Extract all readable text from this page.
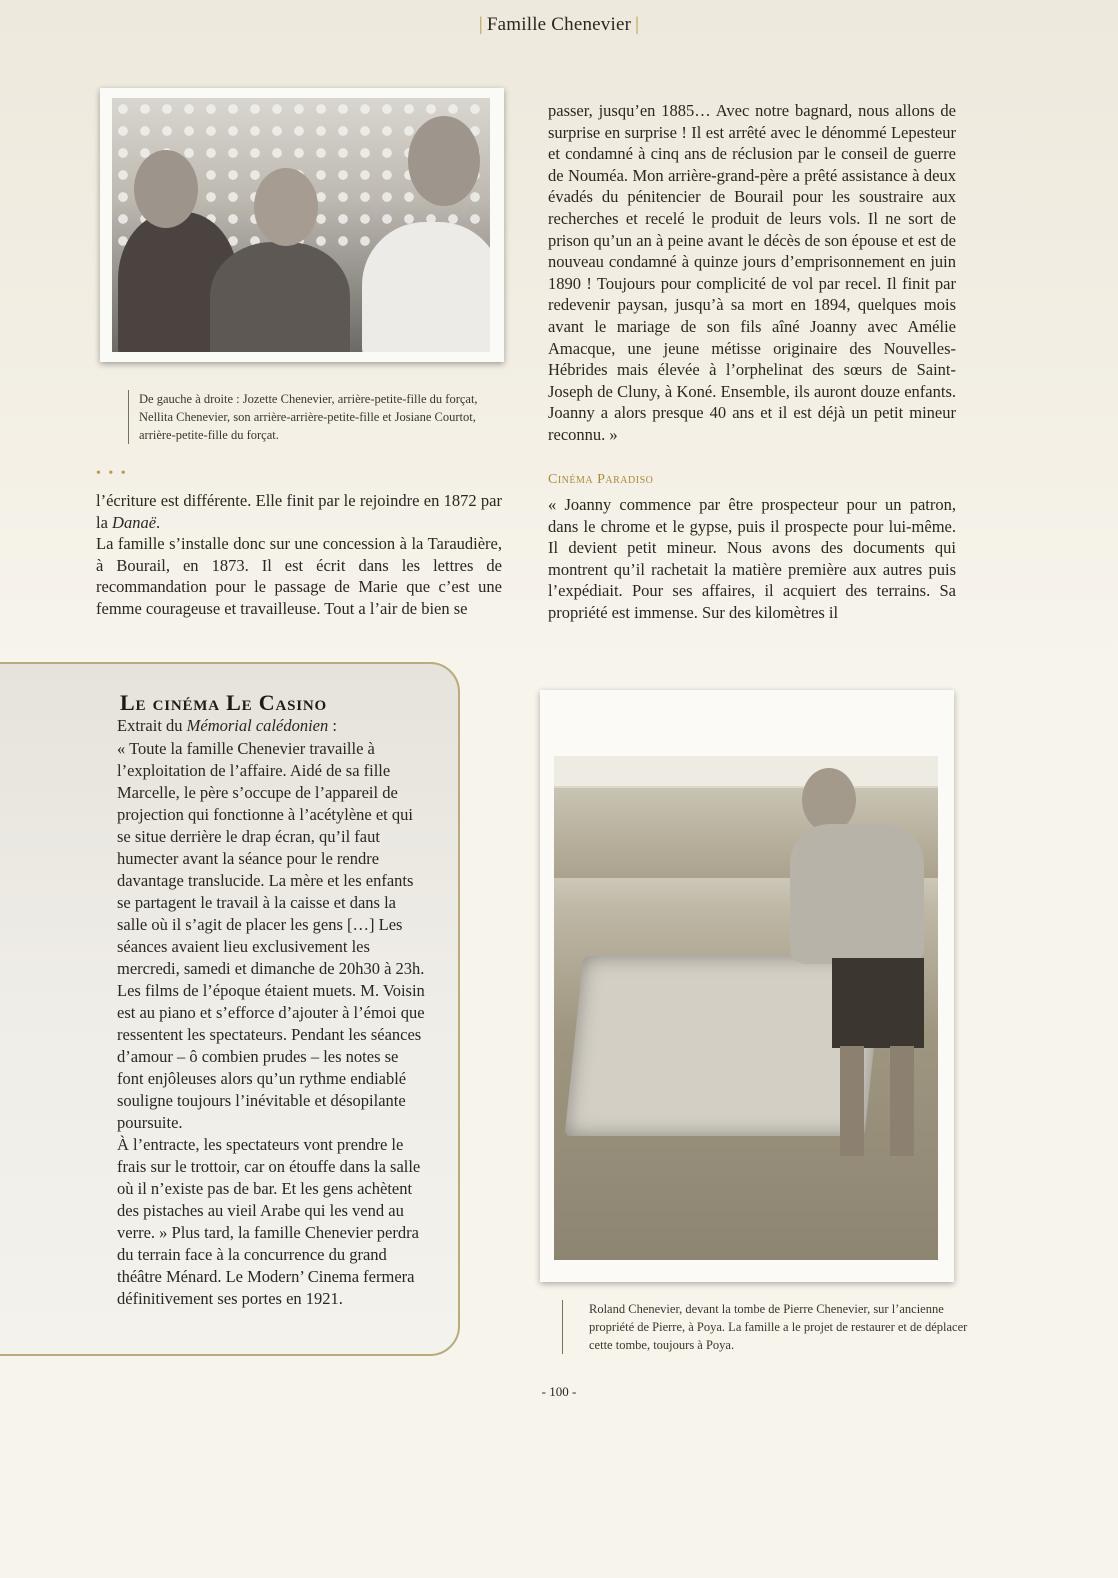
| Famille Chenevier |
De gauche à droite : Jozette Chenevier, arrière-petite-fille du forçat, Nellita Chenevier, son arrière-arrière-petite-fille et Josiane Courtot, arrière-petite-fille du forçat.
• • •

l’écriture est différente. Elle finit par le rejoindre en 1872 par la Danaë.

La famille s’installe donc sur une concession à la Taraudière, à Bourail, en 1873. Il est écrit dans les lettres de recommandation pour le passage de Marie que c’est une femme courageuse et travailleuse. Tout a l’air de bien se

passer, jusqu’en 1885… Avec notre bagnard, nous allons de surprise en surprise ! Il est arrêté avec le dénommé Lepesteur et condamné à cinq ans de réclusion par le conseil de guerre de Nouméa. Mon arrière-grand-père a prêté assistance à deux évadés du pénitencier de Bourail pour les soustraire aux recherches et recelé le produit de leurs vols. Il ne sort de prison qu’un an à peine avant le décès de son épouse et est de nouveau condamné à quinze jours d’emprisonnement en juin 1890 ! Toujours pour complicité de vol par recel. Il finit par redevenir paysan, jusqu’à sa mort en 1894, quelques mois avant le mariage de son fils aîné Joanny avec Amélie Amacque, une jeune métisse originaire des Nouvelles-Hébrides mais élevée à l’orphelinat des sœurs de Saint-Joseph de Cluny, à Koné. Ensemble, ils auront douze enfants. Joanny a alors presque 40 ans et il est déjà un petit mineur reconnu. »

Cinéma Paradiso

« Joanny commence par être prospecteur pour un patron, dans le chrome et le gypse, puis il prospecte pour lui-même. Il devient petit mineur. Nous avons des documents qui montrent qu’il rachetait la matière première aux autres puis l’expédiait. Pour ses affaires, il acquiert des terrains. Sa propriété est immense. Sur des kilomètres il

Le cinéma Le Casino
Extrait du Mémorial calédonien :
« Toute la famille Chenevier travaille à l’exploitation de l’affaire. Aidé de sa fille Marcelle, le père s’occupe de l’appareil de projection qui fonctionne à l’acétylène et qui se situe derrière le drap écran, qu’il faut humecter avant la séance pour le rendre davantage translucide. La mère et les enfants se partagent le travail à la caisse et dans la salle où il s’agit de placer les gens […] Les séances avaient lieu exclusivement les mercredi, samedi et dimanche de 20h30 à 23h. Les films de l’époque étaient muets. M. Voisin est au piano et s’efforce d’ajouter à l’émoi que ressentent les spectateurs. Pendant les séances d’amour – ô combien prudes – les notes se font enjôleuses alors qu’un rythme endiablé souligne toujours l’inévitable et désopilante poursuite.
À l’entracte, les spectateurs vont prendre le frais sur le trottoir, car on étouffe dans la salle où il n’existe pas de bar. Et les gens achètent des pistaches au vieil Arabe qui les vend au verre. » Plus tard, la famille Chenevier perdra du terrain face à la concurrence du grand théâtre Ménard. Le Modern’ Cinema fermera définitivement ses portes en 1921.
Roland Chenevier, devant la tombe de Pierre Chenevier, sur l’ancienne propriété de Pierre, à Poya. La famille a le projet de restaurer et de déplacer cette tombe, toujours à Poya.
- 100 -
